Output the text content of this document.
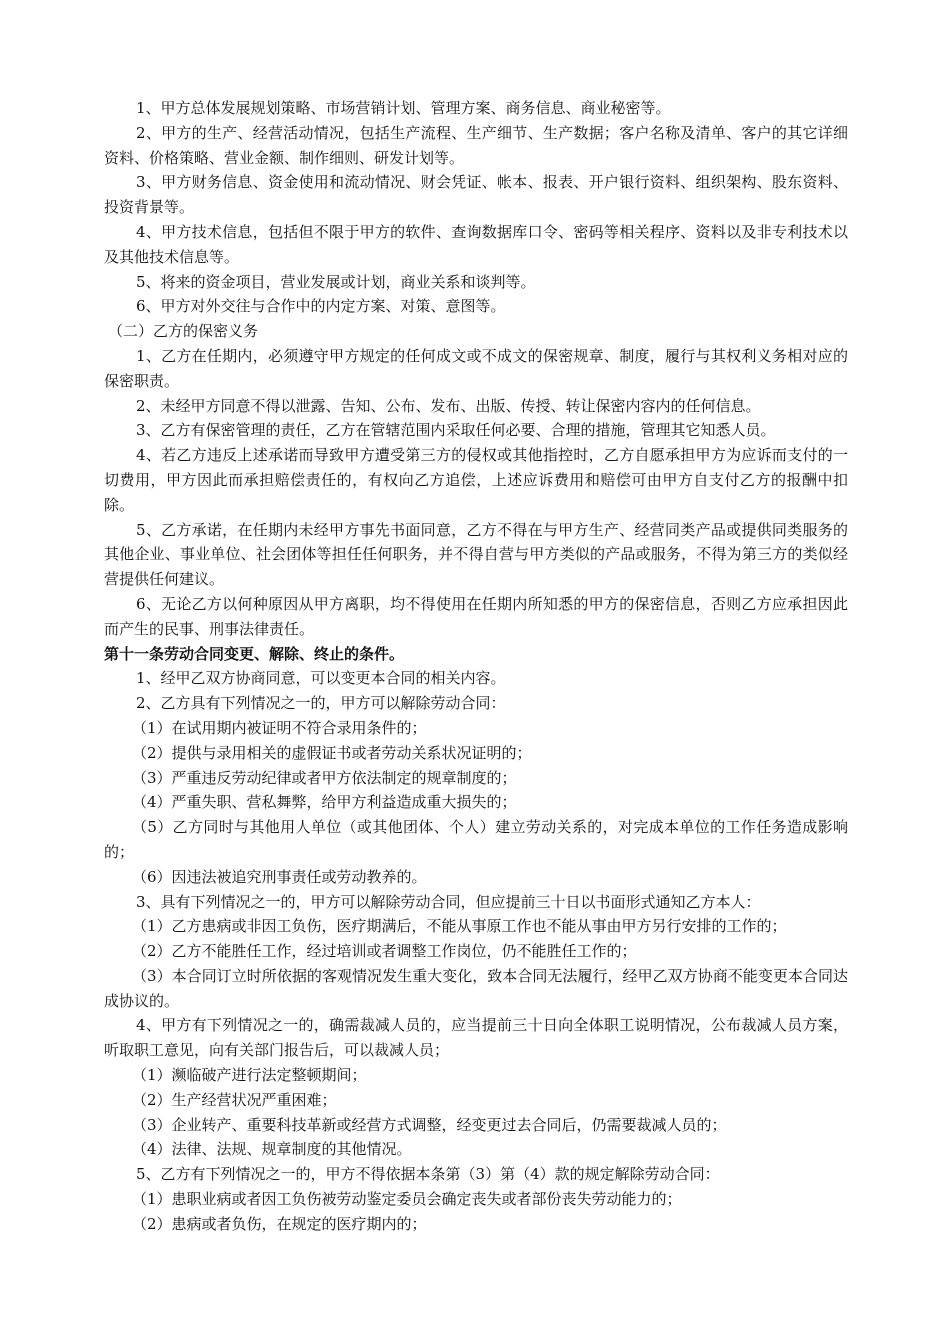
1、甲方总体发展规划策略、市场营销计划、管理方案、商务信息、商业秘密等。

2、甲方的生产、经营活动情况，包括生产流程、生产细节、生产数据；客户名称及清单、客户的其它详细资料、价格策略、营业金额、制作细则、研发计划等。

3、甲方财务信息、资金使用和流动情况、财会凭证、帐本、报表、开户银行资料、组织架构、股东资料、投资背景等。

4、甲方技术信息，包括但不限于甲方的软件、查询数据库口令、密码等相关程序、资料以及非专利技术以及其他技术信息等。

5、将来的资金项目，营业发展或计划，商业关系和谈判等。

6、甲方对外交往与合作中的内定方案、对策、意图等。

（二）乙方的保密义务

1、乙方在任期内，必须遵守甲方规定的任何成文或不成文的保密规章、制度，履行与其权利义务相对应的保密职责。

2、未经甲方同意不得以泄露、告知、公布、发布、出版、传授、转让保密内容内的任何信息。

3、乙方有保密管理的责任，乙方在管辖范围内采取任何必要、合理的措施，管理其它知悉人员。

4、若乙方违反上述承诺而导致甲方遭受第三方的侵权或其他指控时，乙方自愿承担甲方为应诉而支付的一切费用，甲方因此而承担赔偿责任的，有权向乙方追偿，上述应诉费用和赔偿可由甲方自支付乙方的报酬中扣除。

5、乙方承诺，在任期内未经甲方事先书面同意，乙方不得在与甲方生产、经营同类产品或提供同类服务的其他企业、事业单位、社会团体等担任任何职务，并不得自营与甲方类似的产品或服务，不得为第三方的类似经营提供任何建议。

6、无论乙方以何种原因从甲方离职，均不得使用在任期内所知悉的甲方的保密信息，否则乙方应承担因此而产生的民事、刑事法律责任。

第十一条劳动合同变更、解除、终止的条件。

1、经甲乙双方协商同意，可以变更本合同的相关内容。

2、乙方具有下列情况之一的，甲方可以解除劳动合同：

（1）在试用期内被证明不符合录用条件的；

（2）提供与录用相关的虚假证书或者劳动关系状况证明的；

（3）严重违反劳动纪律或者甲方依法制定的规章制度的；

（4）严重失职、营私舞弊，给甲方利益造成重大损失的；

（5）乙方同时与其他用人单位（或其他团体、个人）建立劳动关系的，对完成本单位的工作任务造成影响的；

（6）因违法被追究刑事责任或劳动教养的。

3、具有下列情况之一的，甲方可以解除劳动合同，但应提前三十日以书面形式通知乙方本人：

（1）乙方患病或非因工负伤，医疗期满后，不能从事原工作也不能从事由甲方另行安排的工作的；

（2）乙方不能胜任工作，经过培训或者调整工作岗位，仍不能胜任工作的；

（3）本合同订立时所依据的客观情况发生重大变化，致本合同无法履行，经甲乙双方协商不能变更本合同达成协议的。

4、甲方有下列情况之一的，确需裁减人员的，应当提前三十日向全体职工说明情况，公布裁减人员方案，听取职工意见，向有关部门报告后，可以裁减人员；

（1）濒临破产进行法定整顿期间；

（2）生产经营状况严重困难；

（3）企业转产、重要科技革新或经营方式调整，经变更过去合同后，仍需要裁减人员的；

（4）法律、法规、规章制度的其他情况。

5、乙方有下列情况之一的，甲方不得依据本条第（3）第（4）款的规定解除劳动合同：

（1）患职业病或者因工负伤被劳动鉴定委员会确定丧失或者部份丧失劳动能力的；

（2）患病或者负伤，在规定的医疗期内的；
